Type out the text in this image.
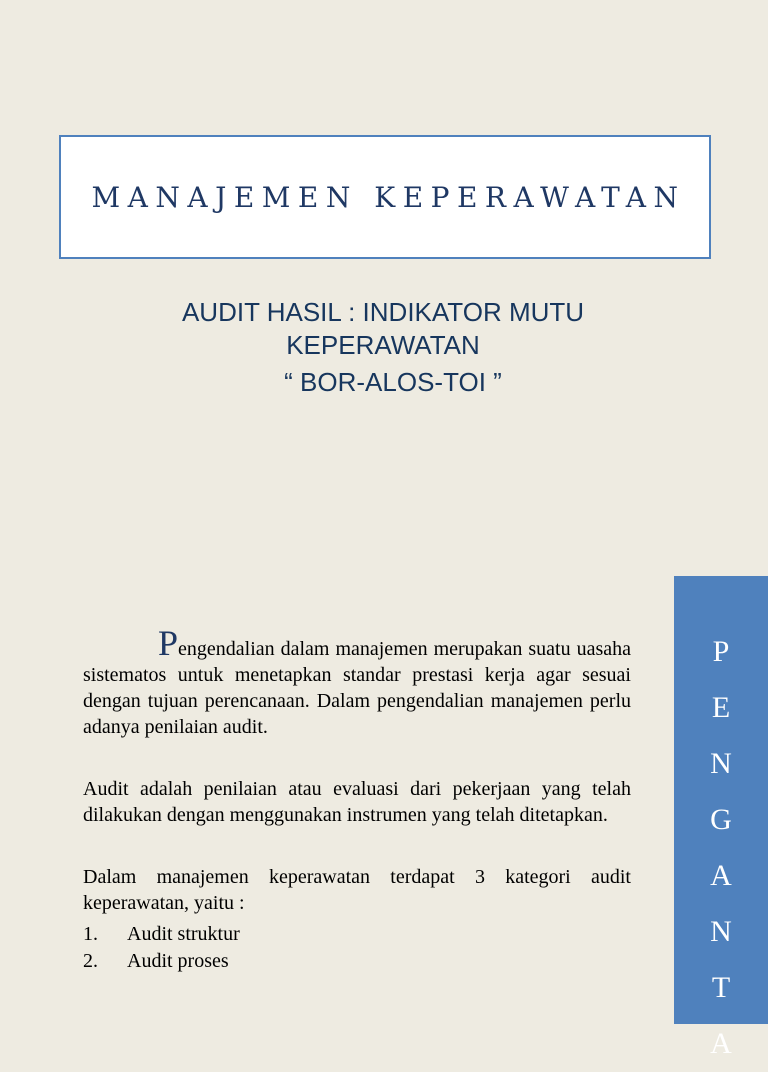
MANAJEMEN KEPERAWATAN
AUDIT HASIL : INDIKATOR MUTU
KEPERAWATAN
“ BOR-ALOS-TOI ”

Pengendalian dalam manajemen merupakan suatu uasaha sistematos untuk menetapkan standar prestasi kerja agar sesuai dengan tujuan perencanaan. Dalam pengendalian manajemen perlu adanya penilaian audit.

Audit adalah penilaian atau evaluasi dari pekerjaan yang telah dilakukan dengan menggunakan instrumen yang telah ditetapkan.

Dalam manajemen keperawatan terdapat 3 kategori audit keperawatan, yaitu :

1.	Audit struktur
2.	Audit proses
P
E
N
G
A
N
T
A
